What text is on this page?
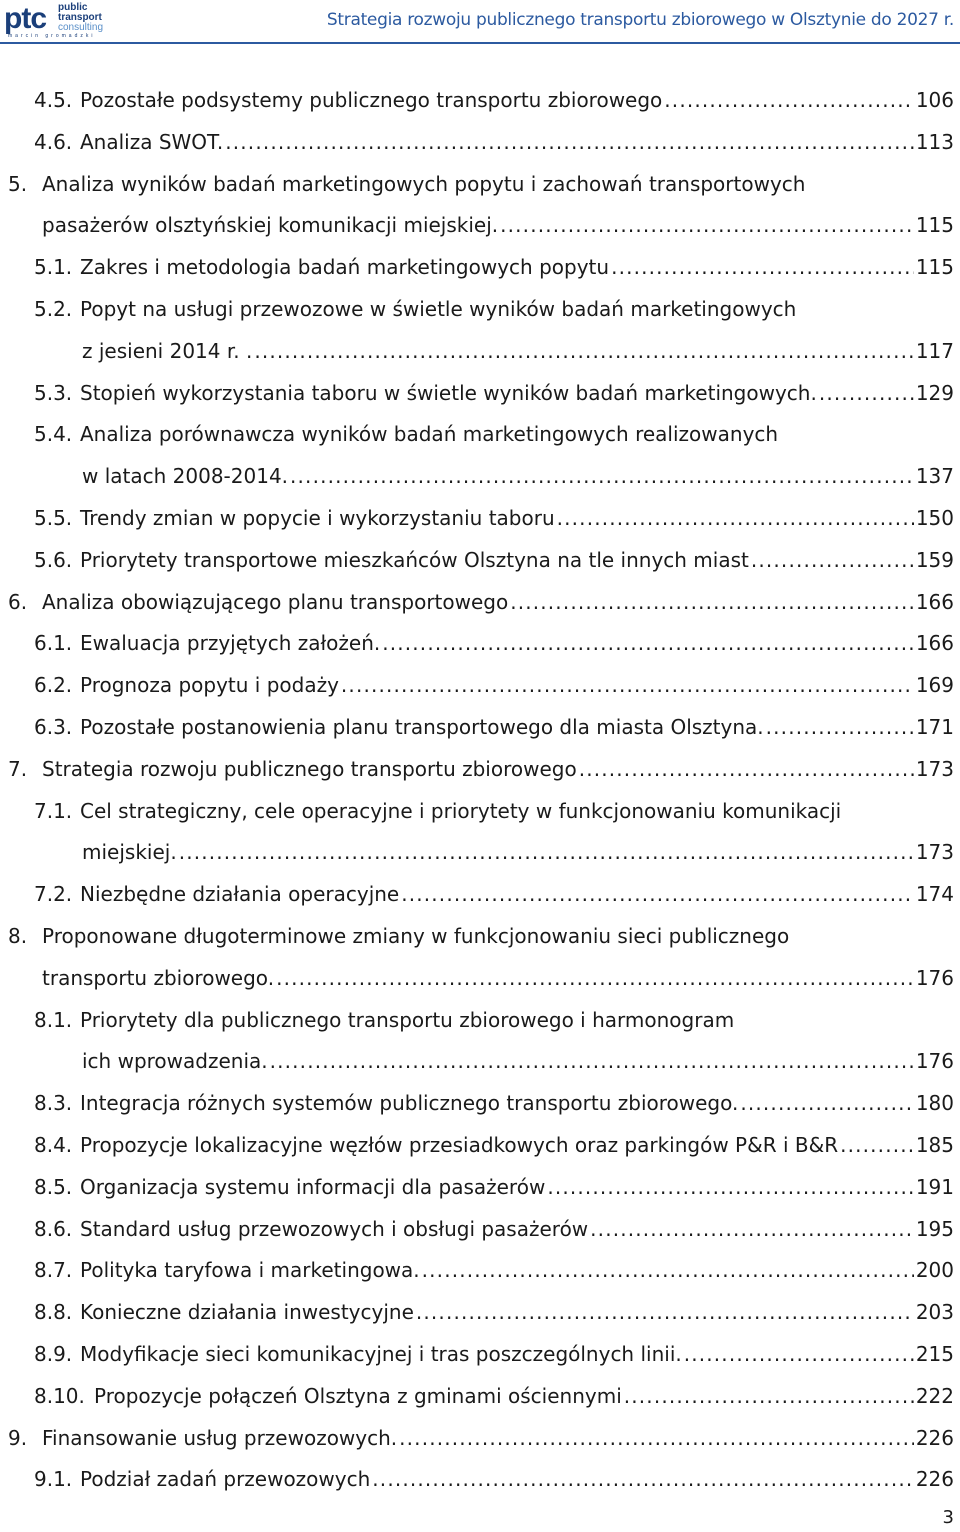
ptc public
transport
consulting
marcin gromadzki
Strategia rozwoju publicznego transportu zbiorowego w Olsztynie do 2027 r.
4.5. Pozostałe podsystemy publicznego transportu zbiorowego . . .	106
4.6. Analiza SWOT. . . .	113
5. Analiza wyników badań marketingowych popytu i zachowań transportowych
pasażerów olsztyńskiej komunikacji miejskiej. . . .	115
5.1. Zakres i metodologia badań marketingowych popytu . . .	115
5.2. Popyt na usługi przewozowe w świetle wyników badań marketingowych
z jesieni 2014 r. . . . .	117
5.3. Stopień wykorzystania taboru w świetle wyników badań marketingowych. . . .	129
5.4. Analiza porównawcza wyników badań marketingowych realizowanych
w latach 2008-2014. . . .	137
5.5. Trendy zmian w popycie i wykorzystaniu taboru . . .	150
5.6. Priorytety transportowe mieszkańców Olsztyna na tle innych miast . . .	159
6. Analiza obowiązującego planu transportowego . . .	166
6.1. Ewaluacja przyjętych założeń. . . .	166
6.2. Prognoza popytu i podaży . . .	169
6.3. Pozostałe postanowienia planu transportowego dla miasta Olsztyna. . . .	171
7. Strategia rozwoju publicznego transportu zbiorowego . . .	173
7.1. Cel strategiczny, cele operacyjne i priorytety w funkcjonowaniu komunikacji
miejskiej. . . .	173
7.2. Niezbędne działania operacyjne . . .	174
8. Proponowane długoterminowe zmiany w funkcjonowaniu sieci publicznego
transportu zbiorowego. . . .	176
8.1. Priorytety dla publicznego transportu zbiorowego i harmonogram
ich wprowadzenia. . . .	176
8.3. Integracja różnych systemów publicznego transportu zbiorowego. . . .	180
8.4. Propozycje lokalizacyjne węzłów przesiadkowych oraz parkingów P&R i B&R . . .	185
8.5. Organizacja systemu informacji dla pasażerów . . .	191
8.6. Standard usług przewozowych i obsługi pasażerów . . .	195
8.7. Polityka taryfowa i marketingowa. . . .	200
8.8. Konieczne działania inwestycyjne . . .	203
8.9. Modyfikacje sieci komunikacyjnej i tras poszczególnych linii. . . .	215
8.10. Propozycje połączeń Olsztyna z gminami ościennymi . . .	222
9. Finansowanie usług przewozowych. . . .	226
9.1. Podział zadań przewozowych . . .	226
3
